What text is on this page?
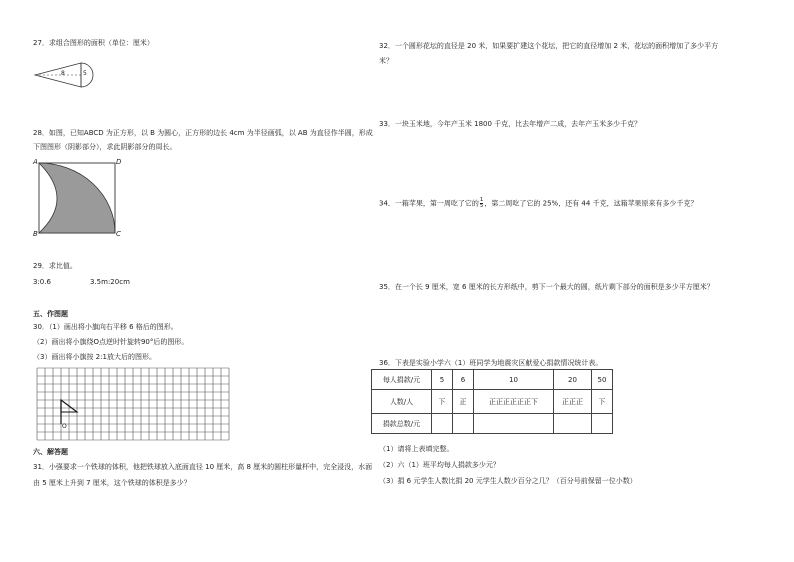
27．求组合图形的面积（单位：厘米）
8	5
28．如图，已知ABCD 为正方形，以 B 为圆心，正方形的边长 4cm 为半径画弧，以 AB 为直径作半圆，形成
下图图形（阴影部分），求此阴影部分的周长。
A	D
B	C
29．求比值。
3:0.6	3.5m:20cm
五、作图题
30．（1）画出将小旗向右平移 6 格后的图形。
（2）画出将小旗绕O点逆时针旋转90°后的图形。
（3）画出将小旗按 2:1放大后的图形。
O
六、解答题
31．小强要求一个铁球的体积，他把铁球放入底面直径 10 厘米，高 8 厘米的圆柱形量杯中，完全浸没，水面
由 5 厘米上升到 7 厘米，这个铁球的体积是多少？
32．一个圆形花坛的直径是 20 米，如果要扩建这个花坛，把它的直径增加 2 米，花坛的面积增加了多少平方
米？
33．一块玉米地，今年产玉米 1800 千克，比去年增产二成，去年产玉米多少千克？
34．一箱苹果，第一周吃了它的 $\frac{1}{5}$ ，第二周吃了它的 25%，还有 44 千克，这箱苹果原来有多少千克？
35．在一个长 9 厘米，宽 6 厘米的长方形纸中，剪下一个最大的圆，纸片剩下部分的面积是多少平方厘米？
36．下表是实验小学六（1）班同学为地震灾区献爱心捐款情况统计表。
每人捐款/元	5	6	10	20	50
人数/人	下	正	正正正正正正下	正正正	下
捐款总数/元					
（1）请将上表填完整。
（2）六（1）班平均每人捐款多少元？
（3）捐 6 元学生人数比捐 20 元学生人数少百分之几？（百分号前保留一位小数）
